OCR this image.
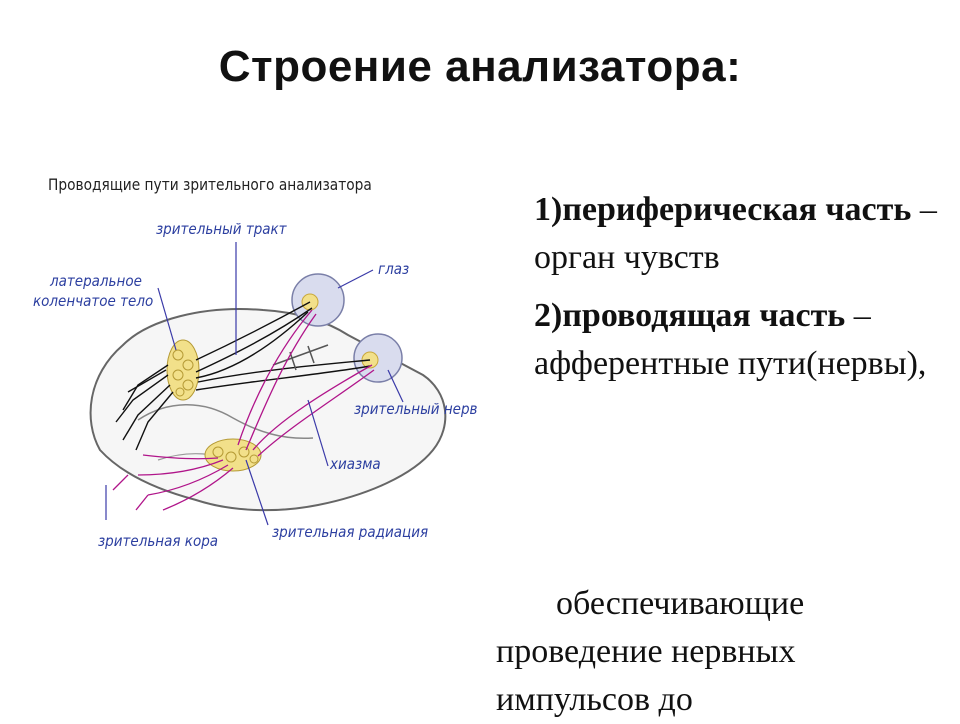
Строение анализатора:
Проводящие пути зрительного анализатора
зрительный тракт
глаз
латеральное
коленчатое тело
зрительный нерв
хиазма
зрительная кора	зрительная радиация

1)периферическая часть –орган чувств

2)проводящая часть – афферентные пути(нервы),

обеспечивающие
проведение нервных
импульсов до
